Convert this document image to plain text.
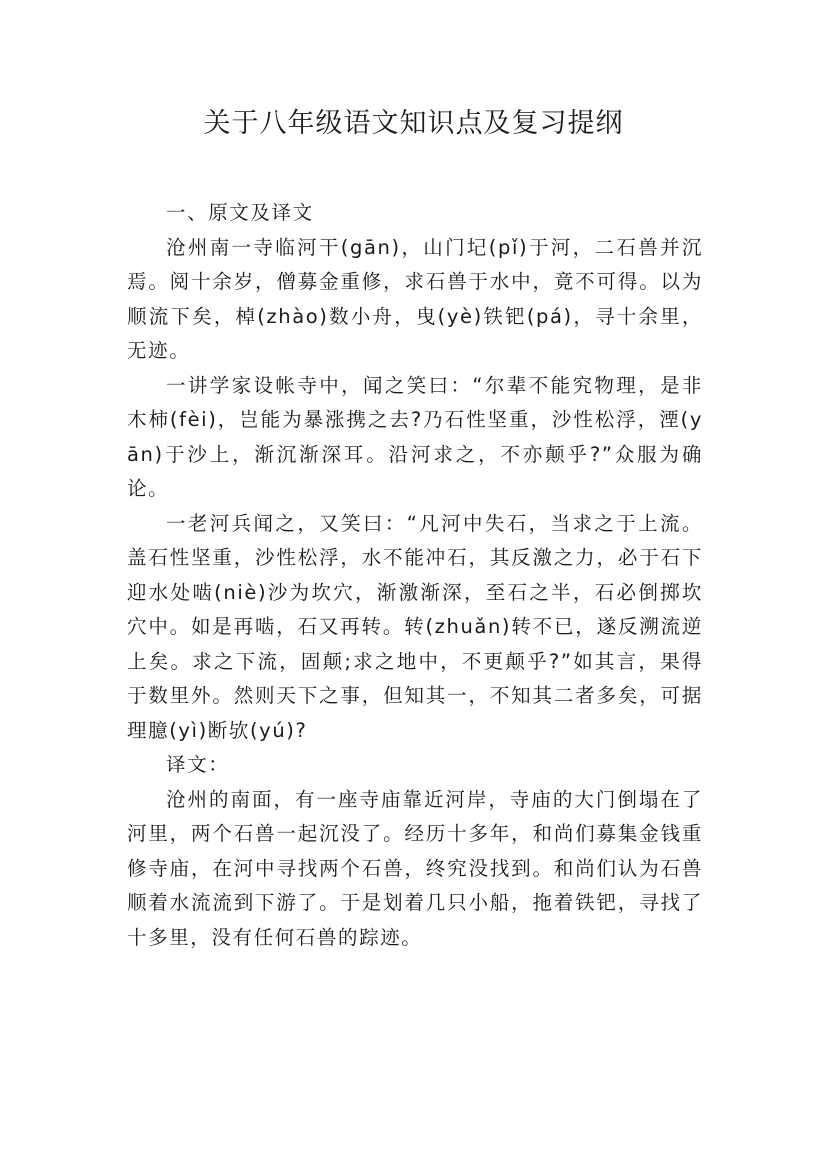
关于八年级语文知识点及复习提纲

一、原文及译文

沧州南一寺临河干(gān)，山门圮(pǐ)于河，二石兽并沉焉。阅十余岁，僧募金重修，求石兽于水中，竟不可得。以为顺流下矣，棹(zhào)数小舟，曳(yè)铁钯(pá)，寻十余里，无迹。

一讲学家设帐寺中，闻之笑曰：“尔辈不能究物理，是非木柿(fèi)，岂能为暴涨携之去?乃石性坚重，沙性松浮，湮(yān)于沙上，渐沉渐深耳。沿河求之，不亦颠乎?”众服为确论。

一老河兵闻之，又笑曰：“凡河中失石，当求之于上流。盖石性坚重，沙性松浮，水不能冲石，其反激之力，必于石下迎水处啮(niè)沙为坎穴，渐激渐深，至石之半，石必倒掷坎穴中。如是再啮，石又再转。转(zhuǎn)转不已，遂反溯流逆上矣。求之下流，固颠;求之地中，不更颠乎?”如其言，果得于数里外。然则天下之事，但知其一，不知其二者多矣，可据理臆(yì)断欤(yú)?

译文：

沧州的南面，有一座寺庙靠近河岸，寺庙的大门倒塌在了河里，两个石兽一起沉没了。经历十多年，和尚们募集金钱重修寺庙，在河中寻找两个石兽，终究没找到。和尚们认为石兽顺着水流流到下游了。于是划着几只小船，拖着铁钯，寻找了十多里，没有任何石兽的踪迹。
